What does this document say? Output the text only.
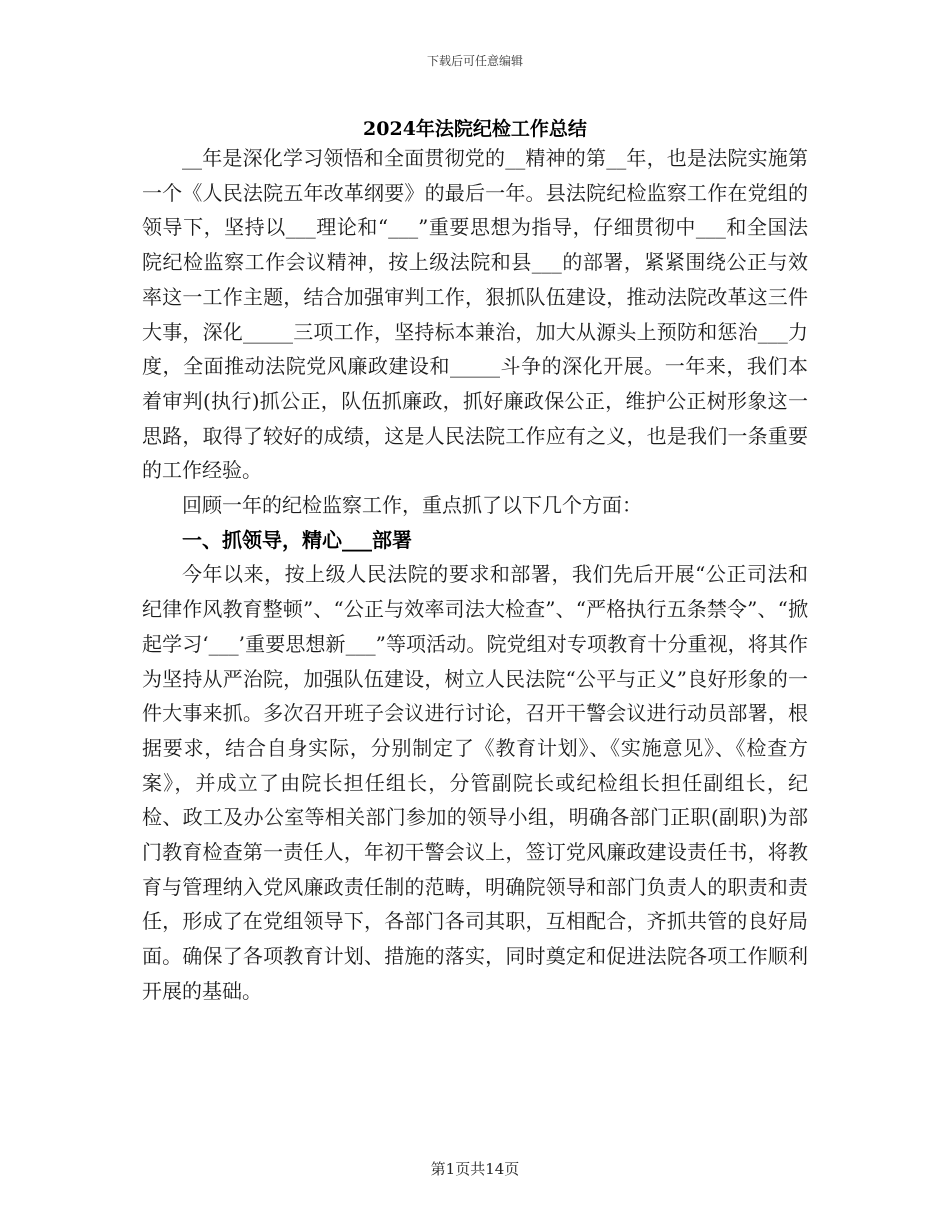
下载后可任意编辑
2024年法院纪检工作总结

__年是深化学习领悟和全面贯彻党的__精神的第__年，也是法院实施第一个《人民法院五年改革纲要》的最后一年。县法院纪检监察工作在党组的领导下，坚持以___理论和“___”重要思想为指导，仔细贯彻中___和全国法院纪检监察工作会议精神，按上级法院和县___的部署，紧紧围绕公正与效率这一工作主题，结合加强审判工作，狠抓队伍建设，推动法院改革这三件大事，深化_____三项工作，坚持标本兼治，加大从源头上预防和惩治___力度，全面推动法院党风廉政建设和_____斗争的深化开展。一年来，我们本着审判(执行)抓公正，队伍抓廉政，抓好廉政保公正，维护公正树形象这一思路，取得了较好的成绩，这是人民法院工作应有之义，也是我们一条重要的工作经验。

回顾一年的纪检监察工作，重点抓了以下几个方面：

一、抓领导，精心___部署

今年以来，按上级人民法院的要求和部署，我们先后开展“公正司法和纪律作风教育整顿”、“公正与效率司法大检查”、“严格执行五条禁令”、“掀起学习‘___’重要思想新___”等项活动。院党组对专项教育十分重视，将其作为坚持从严治院，加强队伍建设，树立人民法院“公平与正义”良好形象的一件大事来抓。多次召开班子会议进行讨论，召开干警会议进行动员部署，根据要求，结合自身实际，分别制定了《教育计划》、《实施意见》、《检查方案》，并成立了由院长担任组长，分管副院长或纪检组长担任副组长，纪检、政工及办公室等相关部门参加的领导小组，明确各部门正职(副职)为部门教育检查第一责任人，年初干警会议上，签订党风廉政建设责任书，将教育与管理纳入党风廉政责任制的范畴，明确院领导和部门负责人的职责和责任，形成了在党组领导下，各部门各司其职，互相配合，齐抓共管的良好局面。确保了各项教育计划、措施的落实，同时奠定和促进法院各项工作顺利开展的基础。

第1页共14页
